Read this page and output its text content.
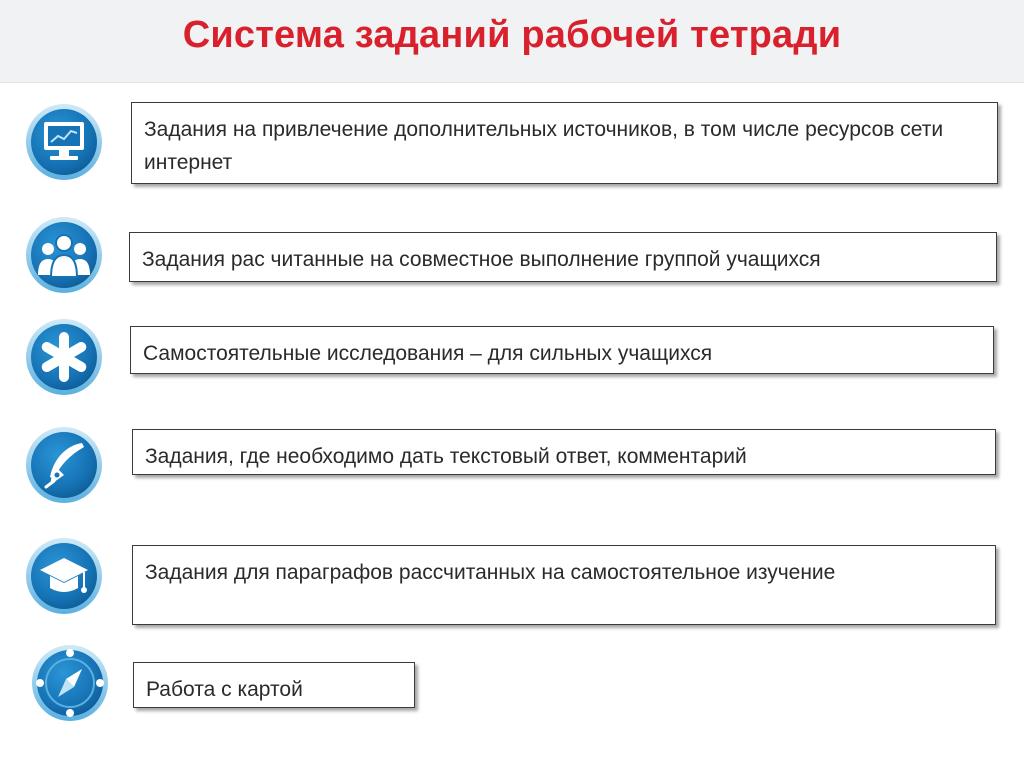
Система заданий рабочей тетради
Задания на привлечение дополнительных источников, в том числе ресурсов сети интернет
Задания рас читанные на совместное выполнение группой учащихся
Самостоятельные исследования – для сильных учащихся
Задания, где необходимо дать текстовый ответ, комментарий
Задания для параграфов рассчитанных на самостоятельное изучение
Работа с картой
